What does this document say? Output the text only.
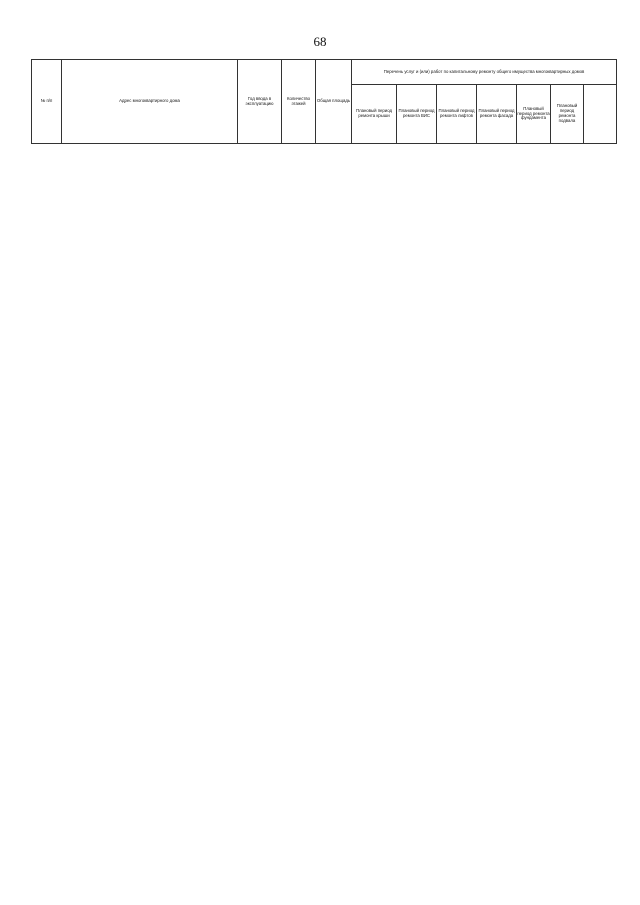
68
№ п/п	Адрес многоквартирного дома	Год ввода в эксплуатацию	Количество этажей	Общая площадь	Перечень услуг и (или) работ по капитальному ремонту общего имущества многоквартирных домов						
					Плановый период ремонта крыши	Плановый период ремонта ВИС	Плановый период ремонта лифтов	Плановый период ремонта фасада	Плановый период ремонта фундамента	Плановый период ремонта подвала	
